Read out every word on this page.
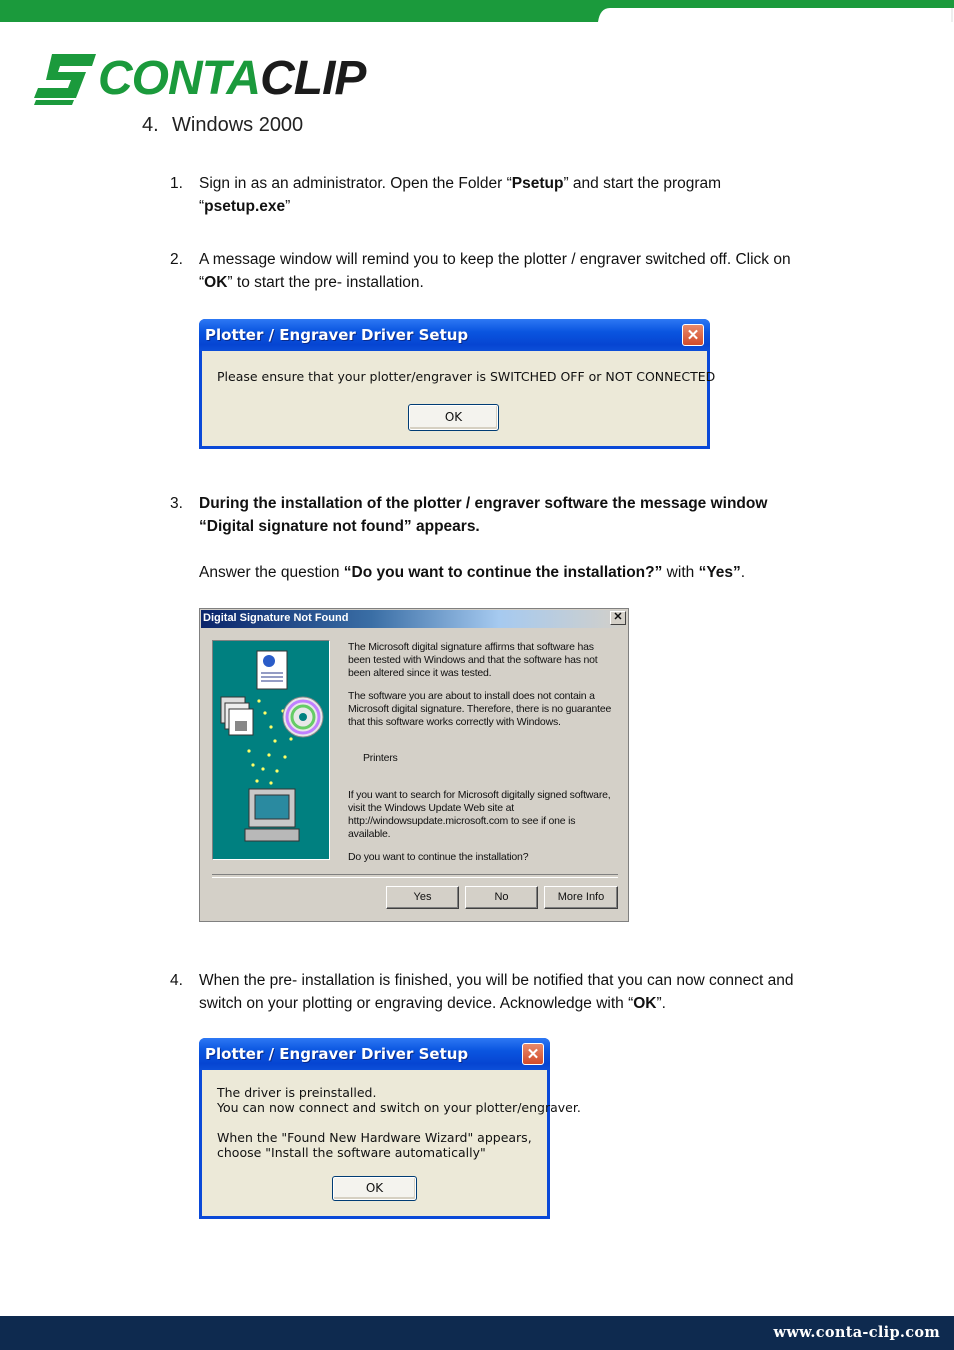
CONTACLIP
4. Windows 2000
1. Sign in as an administrator. Open the Folder “Psetup” and start the program
“psetup.exe”
2. A message window will remind you to keep the plotter / engraver switched off. Click on
“OK” to start the pre- installation.
Plotter / Engraver Driver Setup	✕
Please ensure that your plotter/engraver is SWITCHED OFF or NOT CONNECTED
OK
3. During the installation of the plotter / engraver software the message window
“Digital signature not found” appears.
Answer the question “Do you want to continue the installation?” with “Yes”.
Digital Signature Not Found	✕
The Microsoft digital signature affirms that software has been tested with Windows and that the software has not been altered since it was tested.
The software you are about to install does not contain a Microsoft digital signature. Therefore, there is no guarantee that this software works correctly with Windows.
Printers
If you want to search for Microsoft digitally signed software, visit the Windows Update Web site at http://windowsupdate.microsoft.com to see if one is available.
Do you want to continue the installation?
Yes	No	More Info
4. When the pre- installation is finished, you will be notified that you can now connect and
switch on your plotting or engraving device. Acknowledge with “OK”.
Plotter / Engraver Driver Setup	✕
The driver is preinstalled.
You can now connect and switch on your plotter/engraver.

When the "Found New Hardware Wizard" appears,
choose "Install the software automatically"
OK
www.conta-clip.com
